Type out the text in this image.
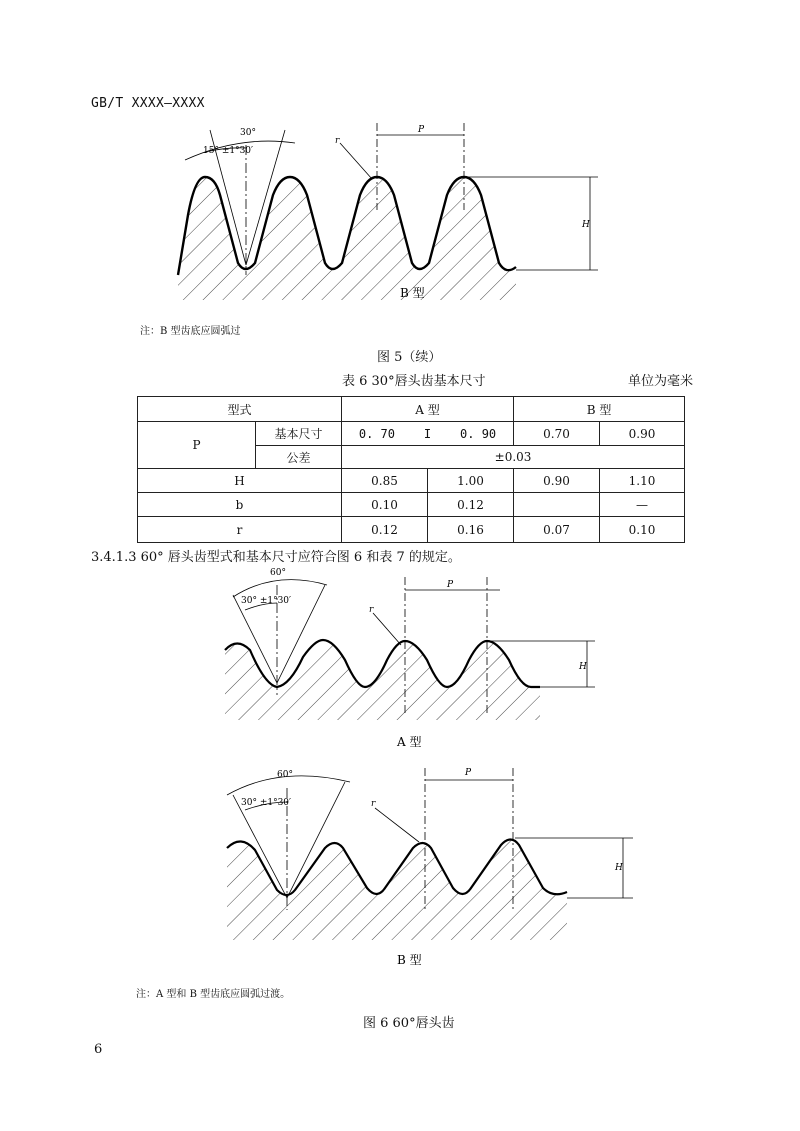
GB/T XXXX—XXXX
30°
15° ±1°30′
r
P
H
B 型
注：B 型齿底应圆弧过
图 5（续）
表 6 30°唇头齿基本尺寸	单位为毫米
型式		A 型		B 型	
P	基本尺寸	0. 70    I    0. 90		0.70	0.90
	公差	±0.03			
H		0.85	1.00	0.90	1.10
b		0.10	0.12		—
r		0.12	0.16	0.07	0.10
3.4.1.3 60° 唇头齿型式和基本尺寸应符合图 6 和表 7 的规定。
60°
30° ±1°30′
r
P
H
A 型
60°
30° ±1°30′	r
P
H
B 型
注：A 型和 B 型齿底应圆弧过渡。
图 6 60°唇头齿
6
